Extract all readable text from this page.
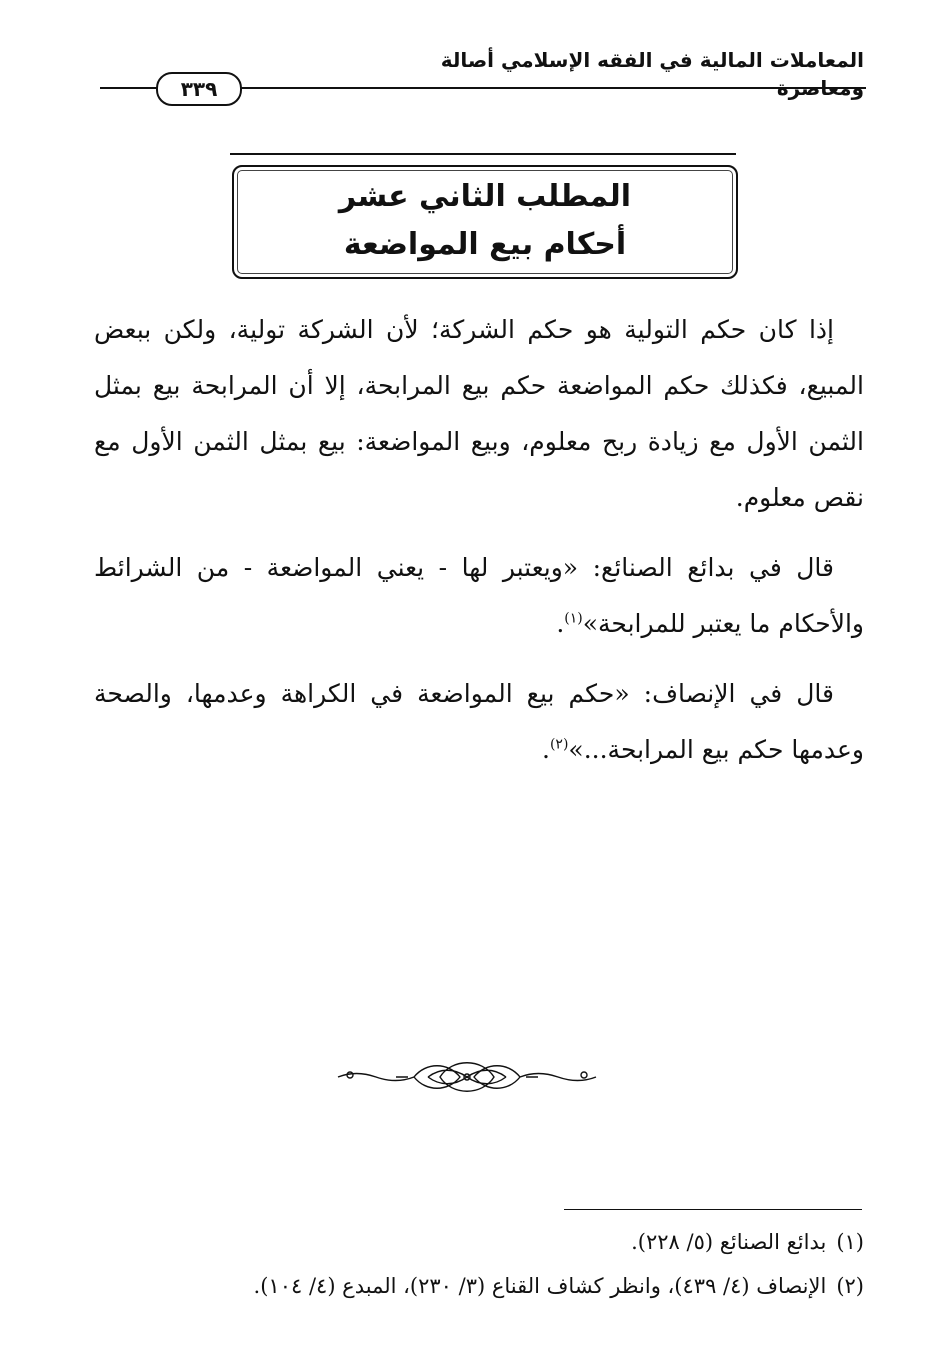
المعاملات المالية في الفقه الإسلامي أصالة ومعاصرة
٣٣٩
المطلب الثاني عشر
أحكام بيع المواضعة

إذا كان حكم التولية هو حكم الشركة؛ لأن الشركة تولية، ولكن ببعض المبيع، فكذلك حكم المواضعة حكم بيع المرابحة، إلا أن المرابحة بيع بمثل الثمن الأول مع زيادة ربح معلوم، وبيع المواضعة: بيع بمثل الثمن الأول مع نقص معلوم.

قال في بدائع الصنائع: «ويعتبر لها - يعني المواضعة - من الشرائط والأحكام ما يعتبر للمرابحة»$^{(١)}$.

قال في الإنصاف: «حكم بيع المواضعة في الكراهة وعدمها، والصحة وعدمها حكم بيع المرابحة...»$^{(٢)}$.

(١)بدائع الصنائع (٥/ ٢٢٨).
(٢)الإنصاف (٤/ ٤٣٩)، وانظر كشاف القناع (٣/ ٢٣٠)، المبدع (٤/ ١٠٤).
